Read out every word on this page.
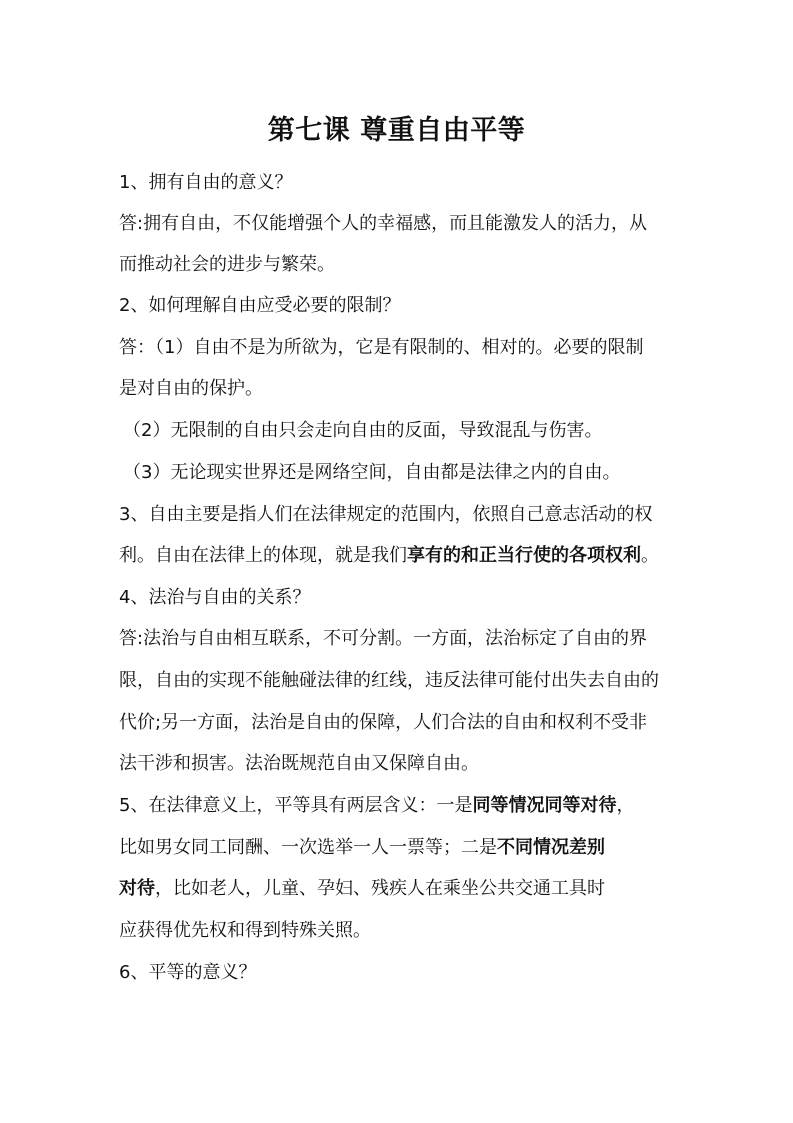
第七课 尊重自由平等

1、拥有自由的意义？

答:拥有自由，不仅能增强个人的幸福感，而且能激发人的活力，从

而推动社会的进步与繁荣。

2、如何理解自由应受必要的限制？

答：（1）自由不是为所欲为，它是有限制的、相对的。必要的限制

是对自由的保护。

（2）无限制的自由只会走向自由的反面，导致混乱与伤害。

（3）无论现实世界还是网络空间，自由都是法律之内的自由。

3、自由主要是指人们在法律规定的范围内，依照自己意志活动的权

利。自由在法律上的体现，就是我们享有的和正当行使的各项权利。

4、法治与自由的关系？

答:法治与自由相互联系，不可分割。一方面，法治标定了自由的界

限，自由的实现不能触碰法律的红线，违反法律可能付出失去自由的

代价;另一方面，法治是自由的保障，人们合法的自由和权利不受非

法干涉和损害。法治既规范自由又保障自由。

5、在法律意义上，平等具有两层含义：一是同等情况同等对待，

比如男女同工同酬、一次选举一人一票等；二是不同情况差别

对待，比如老人，儿童、孕妇、残疾人在乘坐公共交通工具时

应获得优先权和得到特殊关照。

6、平等的意义？
